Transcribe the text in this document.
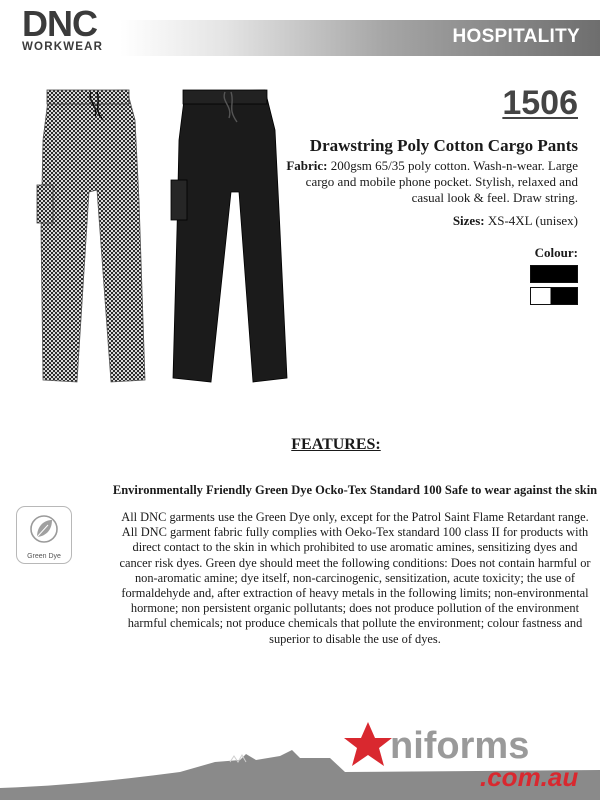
DNC
WORKWEAR	HOSPITALITY
1506
Drawstring Poly Cotton Cargo Pants
Fabric: 200gsm 65/35 poly cotton. Wash-n-wear. Large cargo and mobile phone pocket. Stylish, relaxed and casual look & feel. Draw string.
Sizes: XS-4XL (unisex)
Colour:
FEATURES:
Environmentally Friendly Green Dye Ocko-Tex Standard 100 Safe to wear against the skin
Green Dye
All DNC garments use the Green Dye only, except for the Patrol Saint Flame Retardant range. All DNC garment fabric fully complies with Oeko-Tex standard 100 class II for products with direct contact to the skin in which prohibited to use aromatic amines, sensitizing dyes and cancer risk dyes. Green dye should meet the following conditions: Does not contain harmful or non-aromatic amine; dye itself, non-carcinogenic, sensitization, acute toxicity; the use of formaldehyde and, after extraction of heavy metals in the following limits; non-environmental hormone; non persistent organic pollutants; does not produce pollution of the environment harmful chemicals; not produce chemicals that pollute the environment; colour fastness and superior to disable the use of dyes.
niforms
.com.au
